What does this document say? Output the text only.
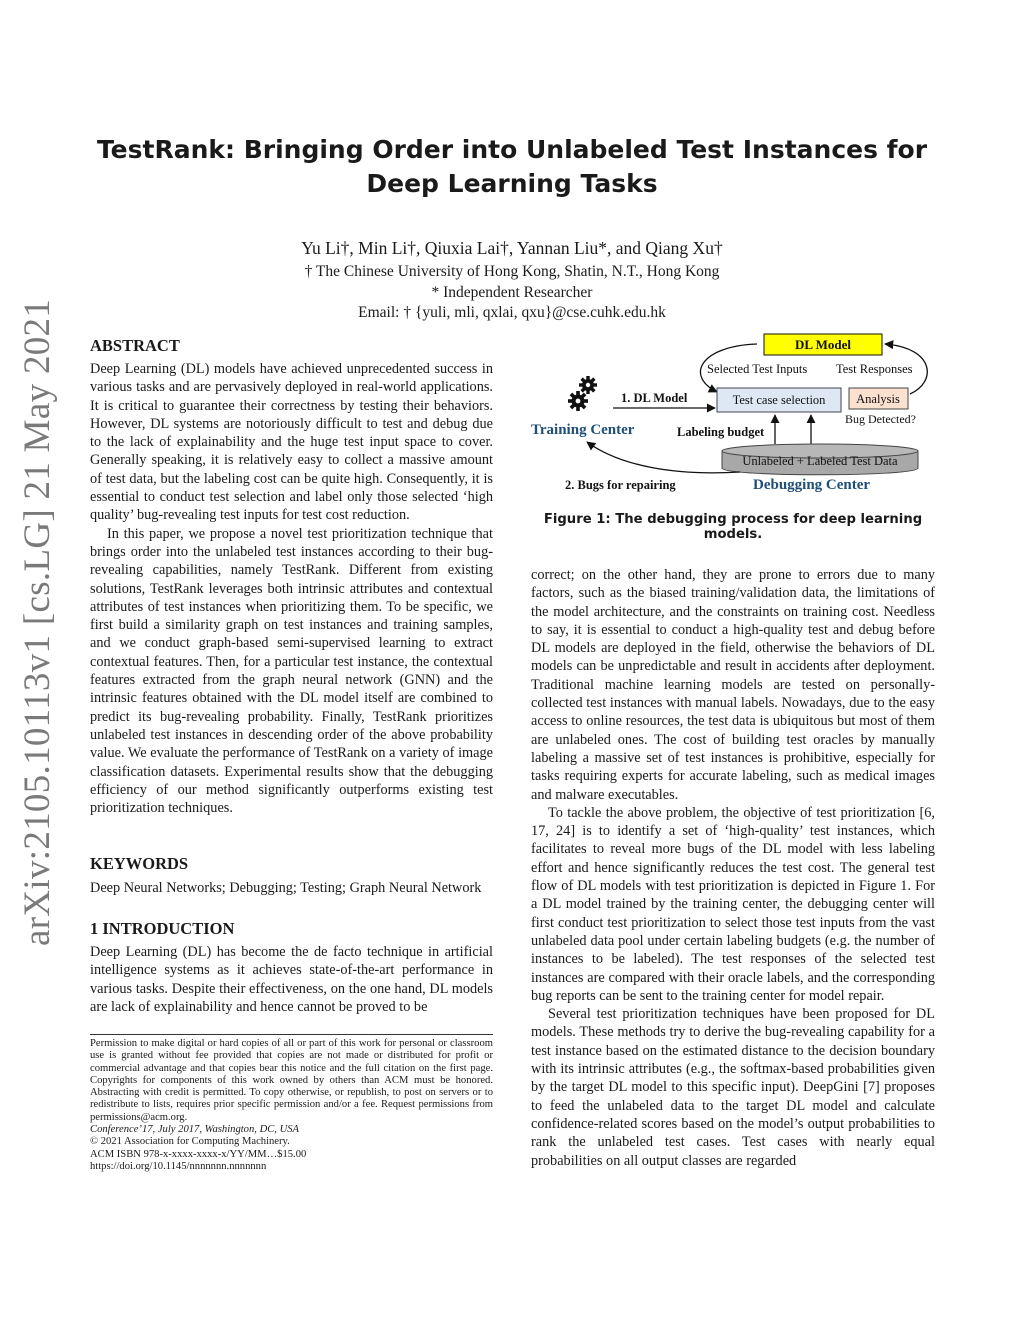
arXiv:2105.10113v1 [cs.LG] 21 May 2021
TestRank: Bringing Order into Unlabeled Test Instances for
Deep Learning Tasks
Yu Li†, Min Li†, Qiuxia Lai†, Yannan Liu*, and Qiang Xu†
† The Chinese University of Hong Kong, Shatin, N.T., Hong Kong
* Independent Researcher
Email: † {yuli, mli, qxlai, qxu}@cse.cuhk.edu.hk
ABSTRACT

Deep Learning (DL) models have achieved unprecedented success in various tasks and are pervasively deployed in real-world applications. It is critical to guarantee their correctness by testing their behaviors. However, DL systems are notoriously difficult to test and debug due to the lack of explainability and the huge test input space to cover. Generally speaking, it is relatively easy to collect a massive amount of test data, but the labeling cost can be quite high. Consequently, it is essential to conduct test selection and label only those selected ‘high quality’ bug-revealing test inputs for test cost reduction.

In this paper, we propose a novel test prioritization technique that brings order into the unlabeled test instances according to their bug-revealing capabilities, namely TestRank. Different from existing solutions, TestRank leverages both intrinsic attributes and contextual attributes of test instances when prioritizing them. To be specific, we first build a similarity graph on test instances and training samples, and we conduct graph-based semi-supervised learning to extract contextual features. Then, for a particular test instance, the contextual features extracted from the graph neural network (GNN) and the intrinsic features obtained with the DL model itself are combined to predict its bug-revealing probability. Finally, TestRank prioritizes unlabeled test instances in descending order of the above probability value. We evaluate the performance of TestRank on a variety of image classification datasets. Experimental results show that the debugging efficiency of our method significantly outperforms existing test prioritization techniques.

KEYWORDS
Deep Neural Networks; Debugging; Testing; Graph Neural Network
1 INTRODUCTION

Deep Learning (DL) has become the de facto technique in artificial intelligence systems as it achieves state-of-the-art performance in various tasks. Despite their effectiveness, on the one hand, DL models are lack of explainability and hence cannot be proved to be

Permission to make digital or hard copies of all or part of this work for personal or classroom use is granted without fee provided that copies are not made or distributed for profit or commercial advantage and that copies bear this notice and the full citation on the first page. Copyrights for components of this work owned by others than ACM must be honored. Abstracting with credit is permitted. To copy otherwise, or republish, to post on servers or to redistribute to lists, requires prior specific permission and/or a fee. Request permissions from permissions@acm.org.

Conference’17, July 2017, Washington, DC, USA

© 2021 Association for Computing Machinery.

ACM ISBN 978-x-xxxx-xxxx-x/YY/MM…$15.00

https://doi.org/10.1145/nnnnnnn.nnnnnnn

DL Model
Selected Test Inputs Test Responses
1. DL Model	Test case selection Analysis
Training Center
Bug Detected?
Labeling budget
Unlabeled + Labeled Test Data
2. Bugs for repairing	Debugging Center
Figure 1: The debugging process for deep learning models.

correct; on the other hand, they are prone to errors due to many factors, such as the biased training/validation data, the limitations of the model architecture, and the constraints on training cost. Needless to say, it is essential to conduct a high-quality test and debug before DL models are deployed in the field, otherwise the behaviors of DL models can be unpredictable and result in accidents after deployment. Traditional machine learning models are tested on personally-collected test instances with manual labels. Nowadays, due to the easy access to online resources, the test data is ubiquitous but most of them are unlabeled ones. The cost of building test oracles by manually labeling a massive set of test instances is prohibitive, especially for tasks requiring experts for accurate labeling, such as medical images and malware executables.

To tackle the above problem, the objective of test prioritization [6, 17, 24] is to identify a set of ‘high-quality’ test instances, which facilitates to reveal more bugs of the DL model with less labeling effort and hence significantly reduces the test cost. The general test flow of DL models with test prioritization is depicted in Figure 1. For a DL model trained by the training center, the debugging center will first conduct test prioritization to select those test inputs from the vast unlabeled data pool under certain labeling budgets (e.g. the number of instances to be labeled). The test responses of the selected test instances are compared with their oracle labels, and the corresponding bug reports can be sent to the training center for model repair.

Several test prioritization techniques have been proposed for DL models. These methods try to derive the bug-revealing capability for a test instance based on the estimated distance to the decision boundary with its intrinsic attributes (e.g., the softmax-based probabilities given by the target DL model to this specific input). DeepGini [7] proposes to feed the unlabeled data to the target DL model and calculate confidence-related scores based on the model’s output probabilities to rank the unlabeled test cases. Test cases with nearly equal probabilities on all output classes are regarded
